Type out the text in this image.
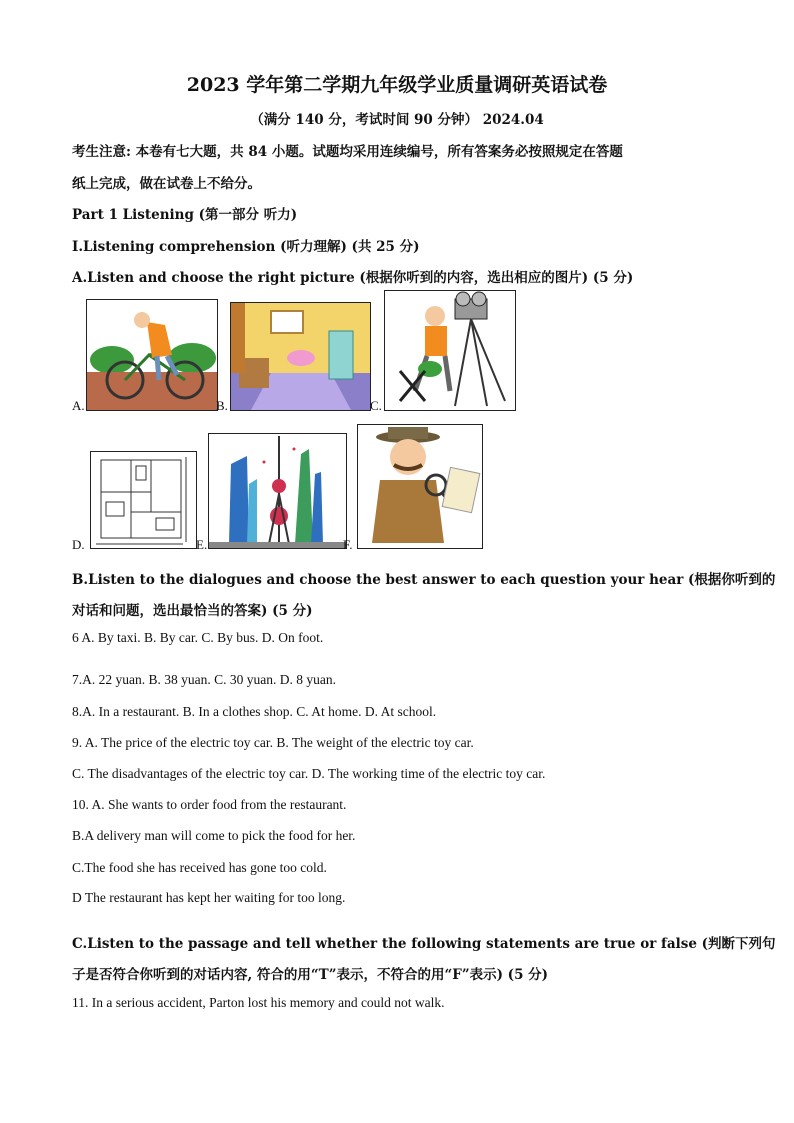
2023 学年第二学期九年级学业质量调研英语试卷
（满分 140 分，考试时间 90 分钟） 2024.04
考生注意: 本卷有七大题，共 84 小题。试题均采用连续编号，所有答案务必按照规定在答题
纸上完成，做在试卷上不给分。
Part 1 Listening (第一部分 听力)
I.Listening comprehension (听力理解) (共 25 分)
A.Listen and choose the right picture (根据你听到的内容，选出相应的图片) (5 分)
A.	B.	C.
D.	E.	F.
B.Listen to the dialogues and choose the best answer to each question your hear (根据你听到的
对话和问题，选出最恰当的答案) (5 分)
6 A. By taxi. B. By car. C. By bus. D. On foot.
7.A. 22 yuan. B. 38 yuan. C. 30 yuan. D. 8 yuan.
8.A. In a restaurant. B. In a clothes shop. C. At home. D. At school.
9. A. The price of the electric toy car. B. The weight of the electric toy car.
C. The disadvantages of the electric toy car. D. The working time of the electric toy car.
10. A. She wants to order food from the restaurant.
B.A delivery man will come to pick the food for her.
C.The food she has received has gone too cold.
D The restaurant has kept her waiting for too long.
C.Listen to the passage and tell whether the following statements are true or false (判断下列句
子是否符合你听到的对话内容, 符合的用“T”表示，不符合的用“F”表示) (5 分)
11. In a serious accident, Parton lost his memory and could not walk.
